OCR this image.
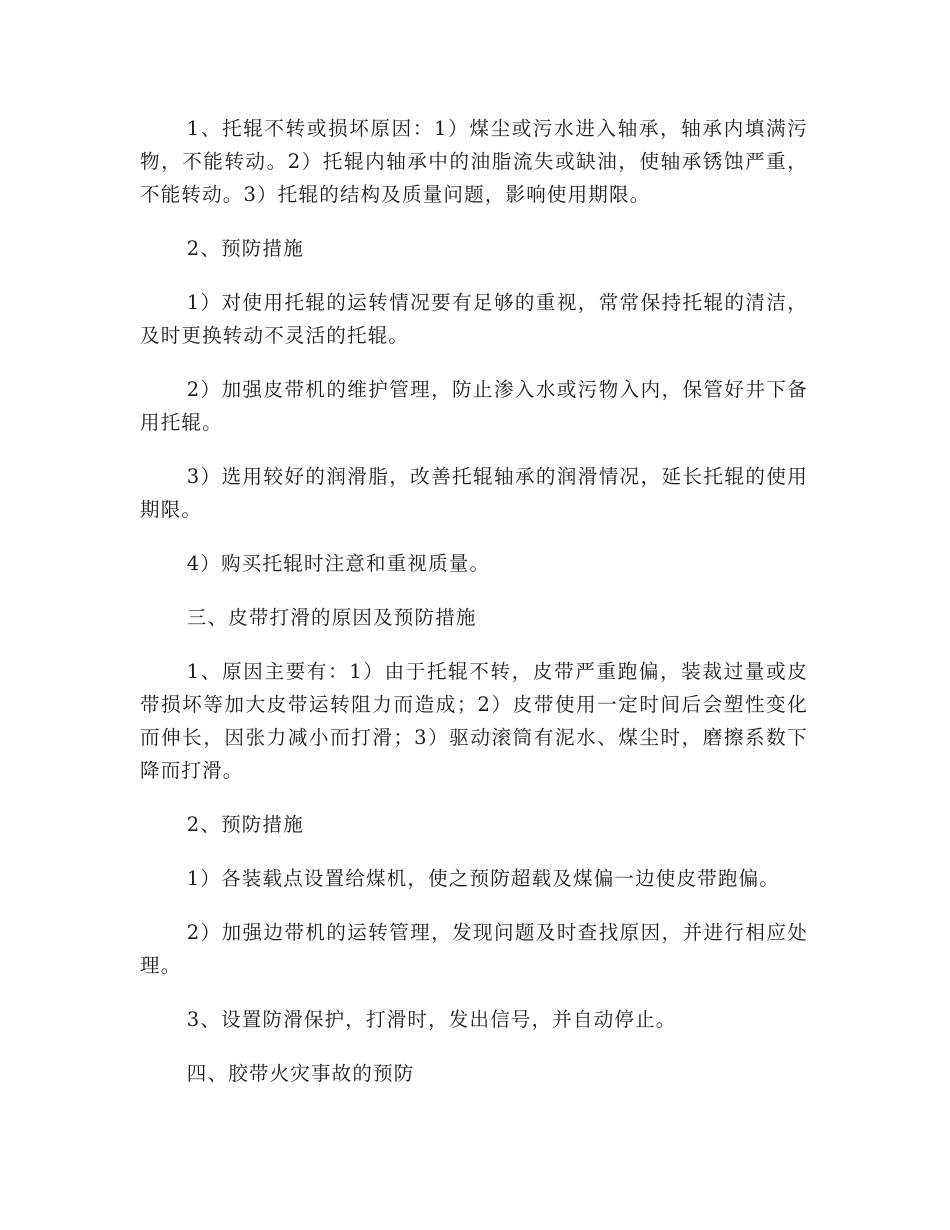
1、托辊不转或损坏原因：1）煤尘或污水进入轴承，轴承内填满污物，不能转动。2）托辊内轴承中的油脂流失或缺油，使轴承锈蚀严重，不能转动。3）托辊的结构及质量问题，影响使用期限。

2、预防措施

1）对使用托辊的运转情况要有足够的重视，常常保持托辊的清洁，及时更换转动不灵活的托辊。

2）加强皮带机的维护管理，防止渗入水或污物入内，保管好井下备用托辊。

3）选用较好的润滑脂，改善托辊轴承的润滑情况，延长托辊的使用期限。

4）购买托辊时注意和重视质量。

三、皮带打滑的原因及预防措施

1、原因主要有：1）由于托辊不转，皮带严重跑偏，装裁过量或皮带损坏等加大皮带运转阻力而造成；2）皮带使用一定时间后会塑性变化而伸长，因张力减小而打滑；3）驱动滚筒有泥水、煤尘时，磨擦系数下降而打滑。

2、预防措施

1）各装载点设置给煤机，使之预防超载及煤偏一边使皮带跑偏。

2）加强边带机的运转管理，发现问题及时查找原因，并进行相应处理。

3、设置防滑保护，打滑时，发出信号，并自动停止。

四、胶带火灾事故的预防
